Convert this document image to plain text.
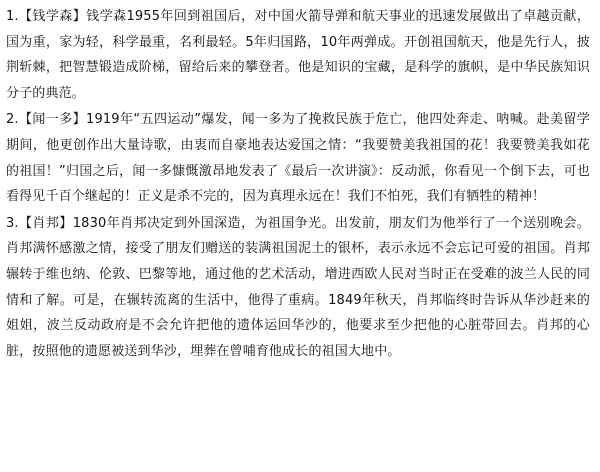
1.【钱学森】钱学森1955年回到祖国后，对中国火箭导弹和航天事业的迅速发展做出了卓越贡献，国为重，家为轻，科学最重，名利最轻。5年归国路，10年两弹成。开创祖国航天，他是先行人，披荆斩棘，把智慧锻造成阶梯，留给后来的攀登者。他是知识的宝藏，是科学的旗帜，是中华民族知识分子的典范。

2.【闻一多】1919年“五四运动”爆发，闻一多为了挽救民族于危亡，他四处奔走、呐喊。赴美留学期间，他更创作出大量诗歌，由衷而自豪地表达爱国之情：“我要赞美我祖国的花！我要赞美我如花的祖国！”归国之后，闻一多慷慨激昂地发表了《最后一次讲演》：反动派，你看见一个倒下去，可也看得见千百个继起的！正义是杀不完的，因为真理永远在！我们不怕死，我们有牺牲的精神！

3.【肖邦】1830年肖邦决定到外国深造，为祖国争光。出发前，朋友们为他举行了一个送别晚会。肖邦满怀感激之情，接受了朋友们赠送的装满祖国泥土的银杯，表示永远不会忘记可爱的祖国。肖邦辗转于维也纳、伦敦、巴黎等地，通过他的艺术活动，增进西欧人民对当时正在受难的波兰人民的同情和了解。可是，在辗转流离的生活中，他得了重病。1849年秋天，肖邦临终时告诉从华沙赶来的姐姐，波兰反动政府是不会允许把他的遗体运回华沙的，他要求至少把他的心脏带回去。肖邦的心脏，按照他的遗愿被送到华沙，埋葬在曾哺育他成长的祖国大地中。
